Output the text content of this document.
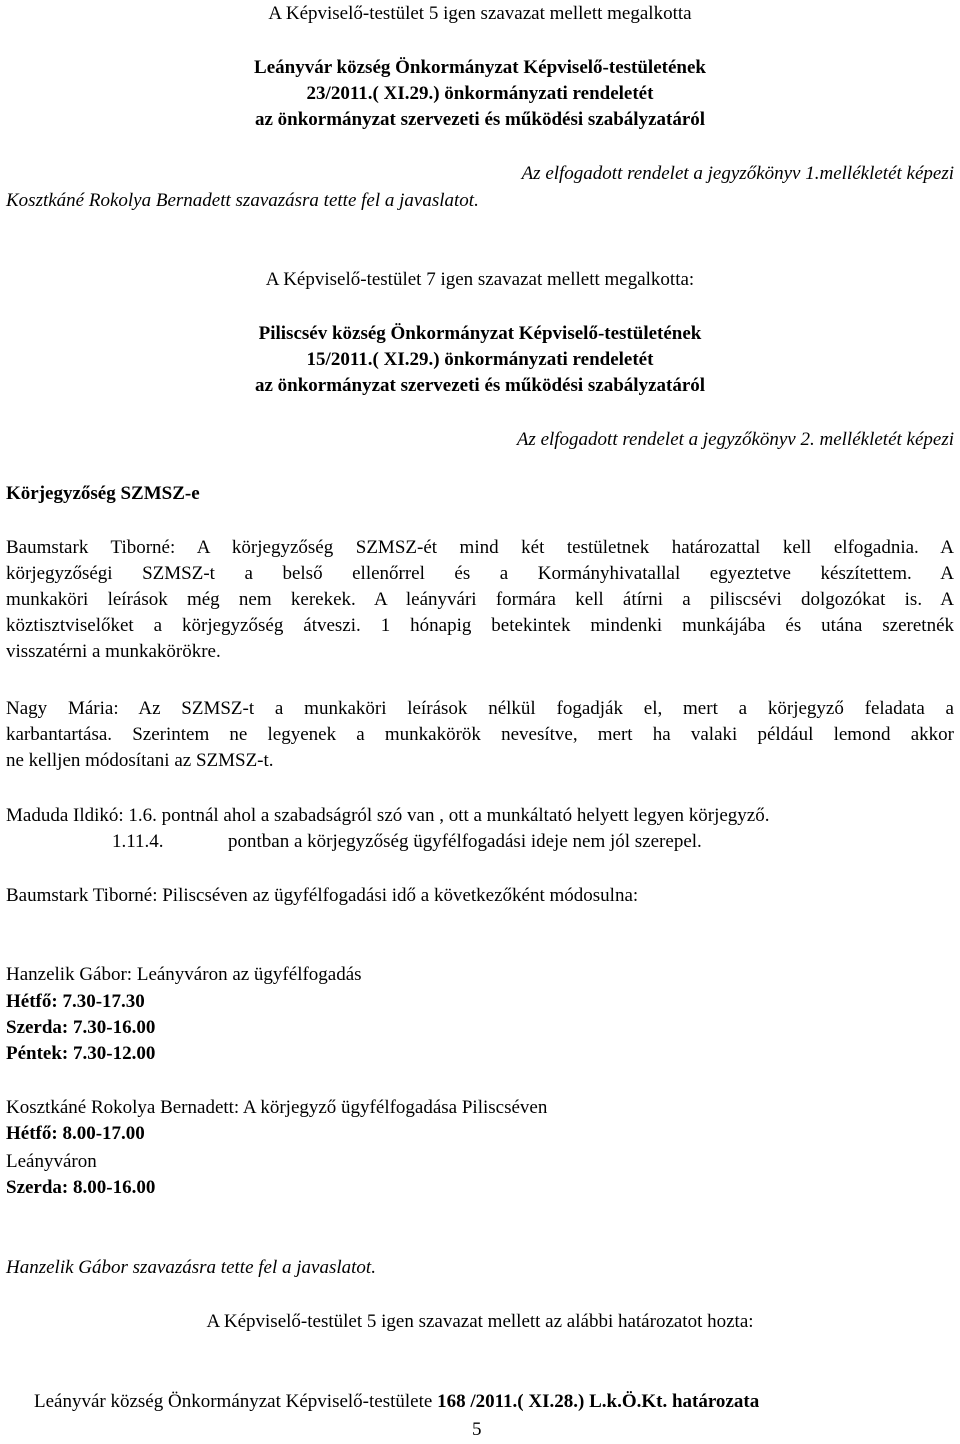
A Képviselő-testület 5 igen szavazat mellett megalkotta
Leányvár község Önkormányzat Képviselő-testületének
23/2011.( XI.29.) önkormányzati rendeletét
az önkormányzat szervezeti és működési szabályzatáról
Az elfogadott rendelet a jegyzőkönyv 1.mellékletét képezi
Kosztkáné Rokolya Bernadett szavazásra tette fel a javaslatot.
A Képviselő-testület 7 igen szavazat mellett megalkotta:
Piliscsév község Önkormányzat Képviselő-testületének
15/2011.( XI.29.) önkormányzati rendeletét
az önkormányzat szervezeti és működési szabályzatáról
Az elfogadott rendelet a jegyzőkönyv 2. mellékletét képezi
Körjegyzőség SZMSZ-e
Baumstark Tiborné: A körjegyzőség SZMSZ-ét mind két testületnek határozattal kell elfogadnia. A
körjegyzőségi SZMSZ-t a belső ellenőrrel és a Kormányhivatallal egyeztetve készítettem. A
munkaköri leírások még nem kerekek. A leányvári formára kell átírni a piliscsévi dolgozókat is. A
köztisztviselőket a körjegyzőség átveszi. 1 hónapig betekintek mindenki munkájába és utána szeretnék
visszatérni a munkakörökre.
Nagy Mária: Az SZMSZ-t a munkaköri leírások nélkül fogadják el, mert a körjegyző feladata a
karbantartása. Szerintem ne legyenek a munkakörök nevesítve, mert ha valaki például lemond akkor
ne kelljen módosítani az SZMSZ-t.
Maduda Ildikó: 1.6. pontnál ahol a szabadságról szó van , ott a munkáltató helyett legyen körjegyző.
1.11.4.	pontban a körjegyzőség ügyfélfogadási ideje nem jól szerepel.
Baumstark Tiborné: Piliscséven az ügyfélfogadási idő a következőként módosulna:
Hanzelik Gábor: Leányváron az ügyfélfogadás
Hétfő: 7.30-17.30
Szerda: 7.30-16.00
Péntek: 7.30-12.00
Kosztkáné Rokolya Bernadett: A körjegyző ügyfélfogadása Piliscséven
Hétfő: 8.00-17.00
Leányváron
Szerda: 8.00-16.00
Hanzelik Gábor szavazásra tette fel a javaslatot.
A Képviselő-testület 5 igen szavazat mellett az alábbi határozatot hozta:
Leányvár község Önkormányzat Képviselő-testülete 168 /2011.( XI.28.) L.k.Ö.Kt. határozata
5
